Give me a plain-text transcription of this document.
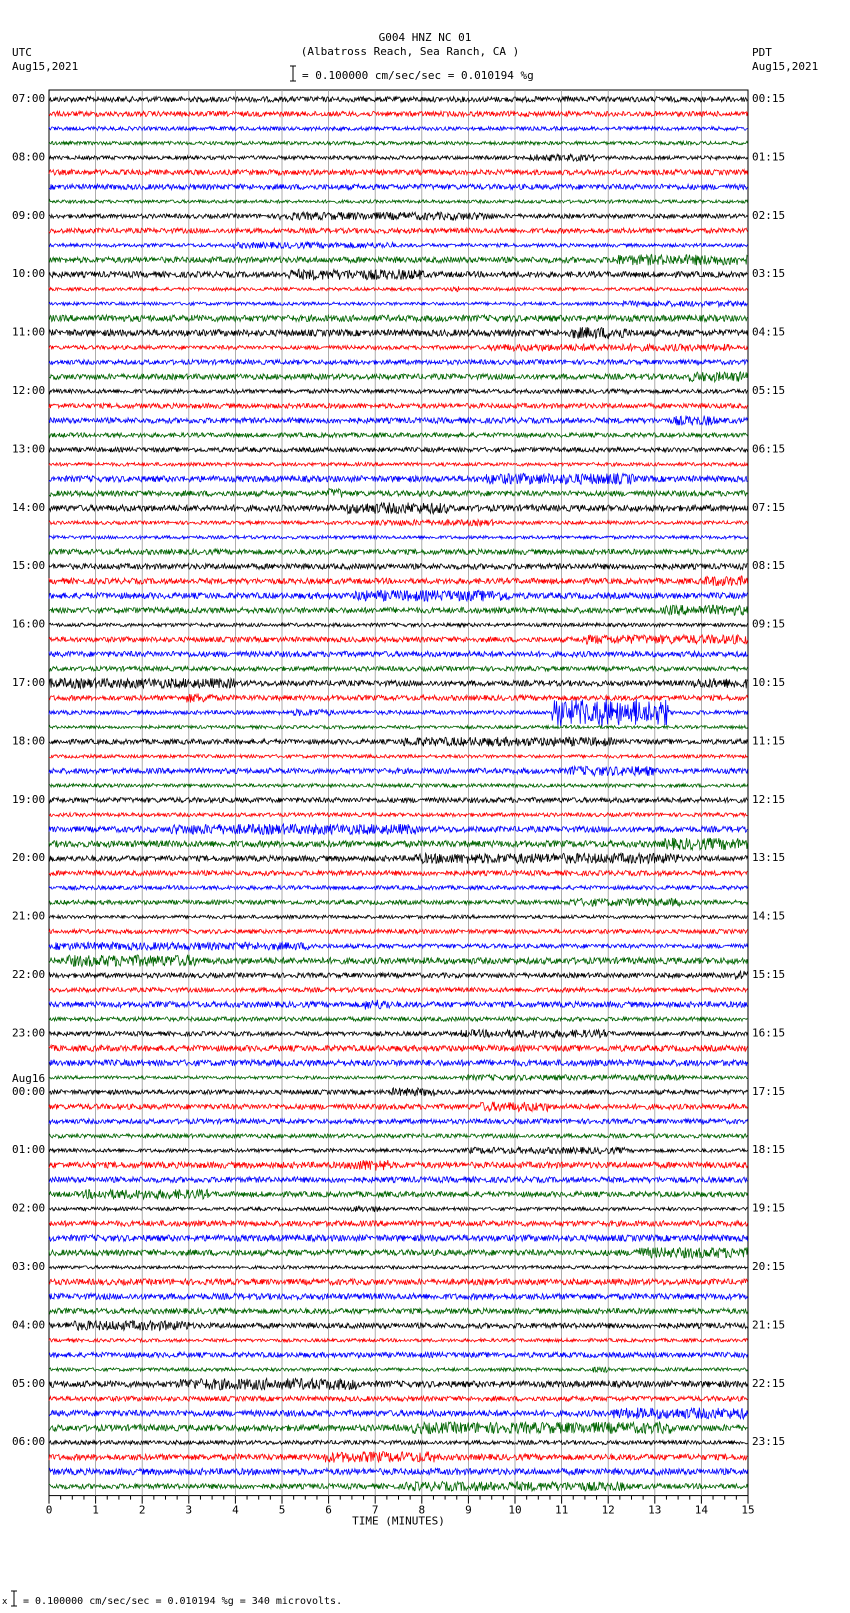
G004 HNZ NC 01
(Albatross Reach, Sea Ranch, CA )
UTC
Aug15,2021
PDT
Aug15,2021
= 0.100000 cm/sec/sec = 0.010194 %g
07:00
08:00
09:00
10:00
11:00
12:00
13:00
14:00
15:00
16:00
17:00
18:00
19:00
20:00
21:00
22:00
23:00
00:00
01:00
02:00
03:00
04:00
05:00
06:00
00:15
01:15
02:15
03:15
04:15
05:15
06:15
07:15
08:15
09:15
10:15
11:15
12:15
13:15
14:15
15:15
16:15
17:15
18:15
19:15
20:15
21:15
22:15
23:15
Aug16
0	1	2	3	4	5	6	7	8	9	10	11	12	13	14	15
TIME (MINUTES)
x = 0.100000 cm/sec/sec = 0.010194 %g = 340 microvolts.
